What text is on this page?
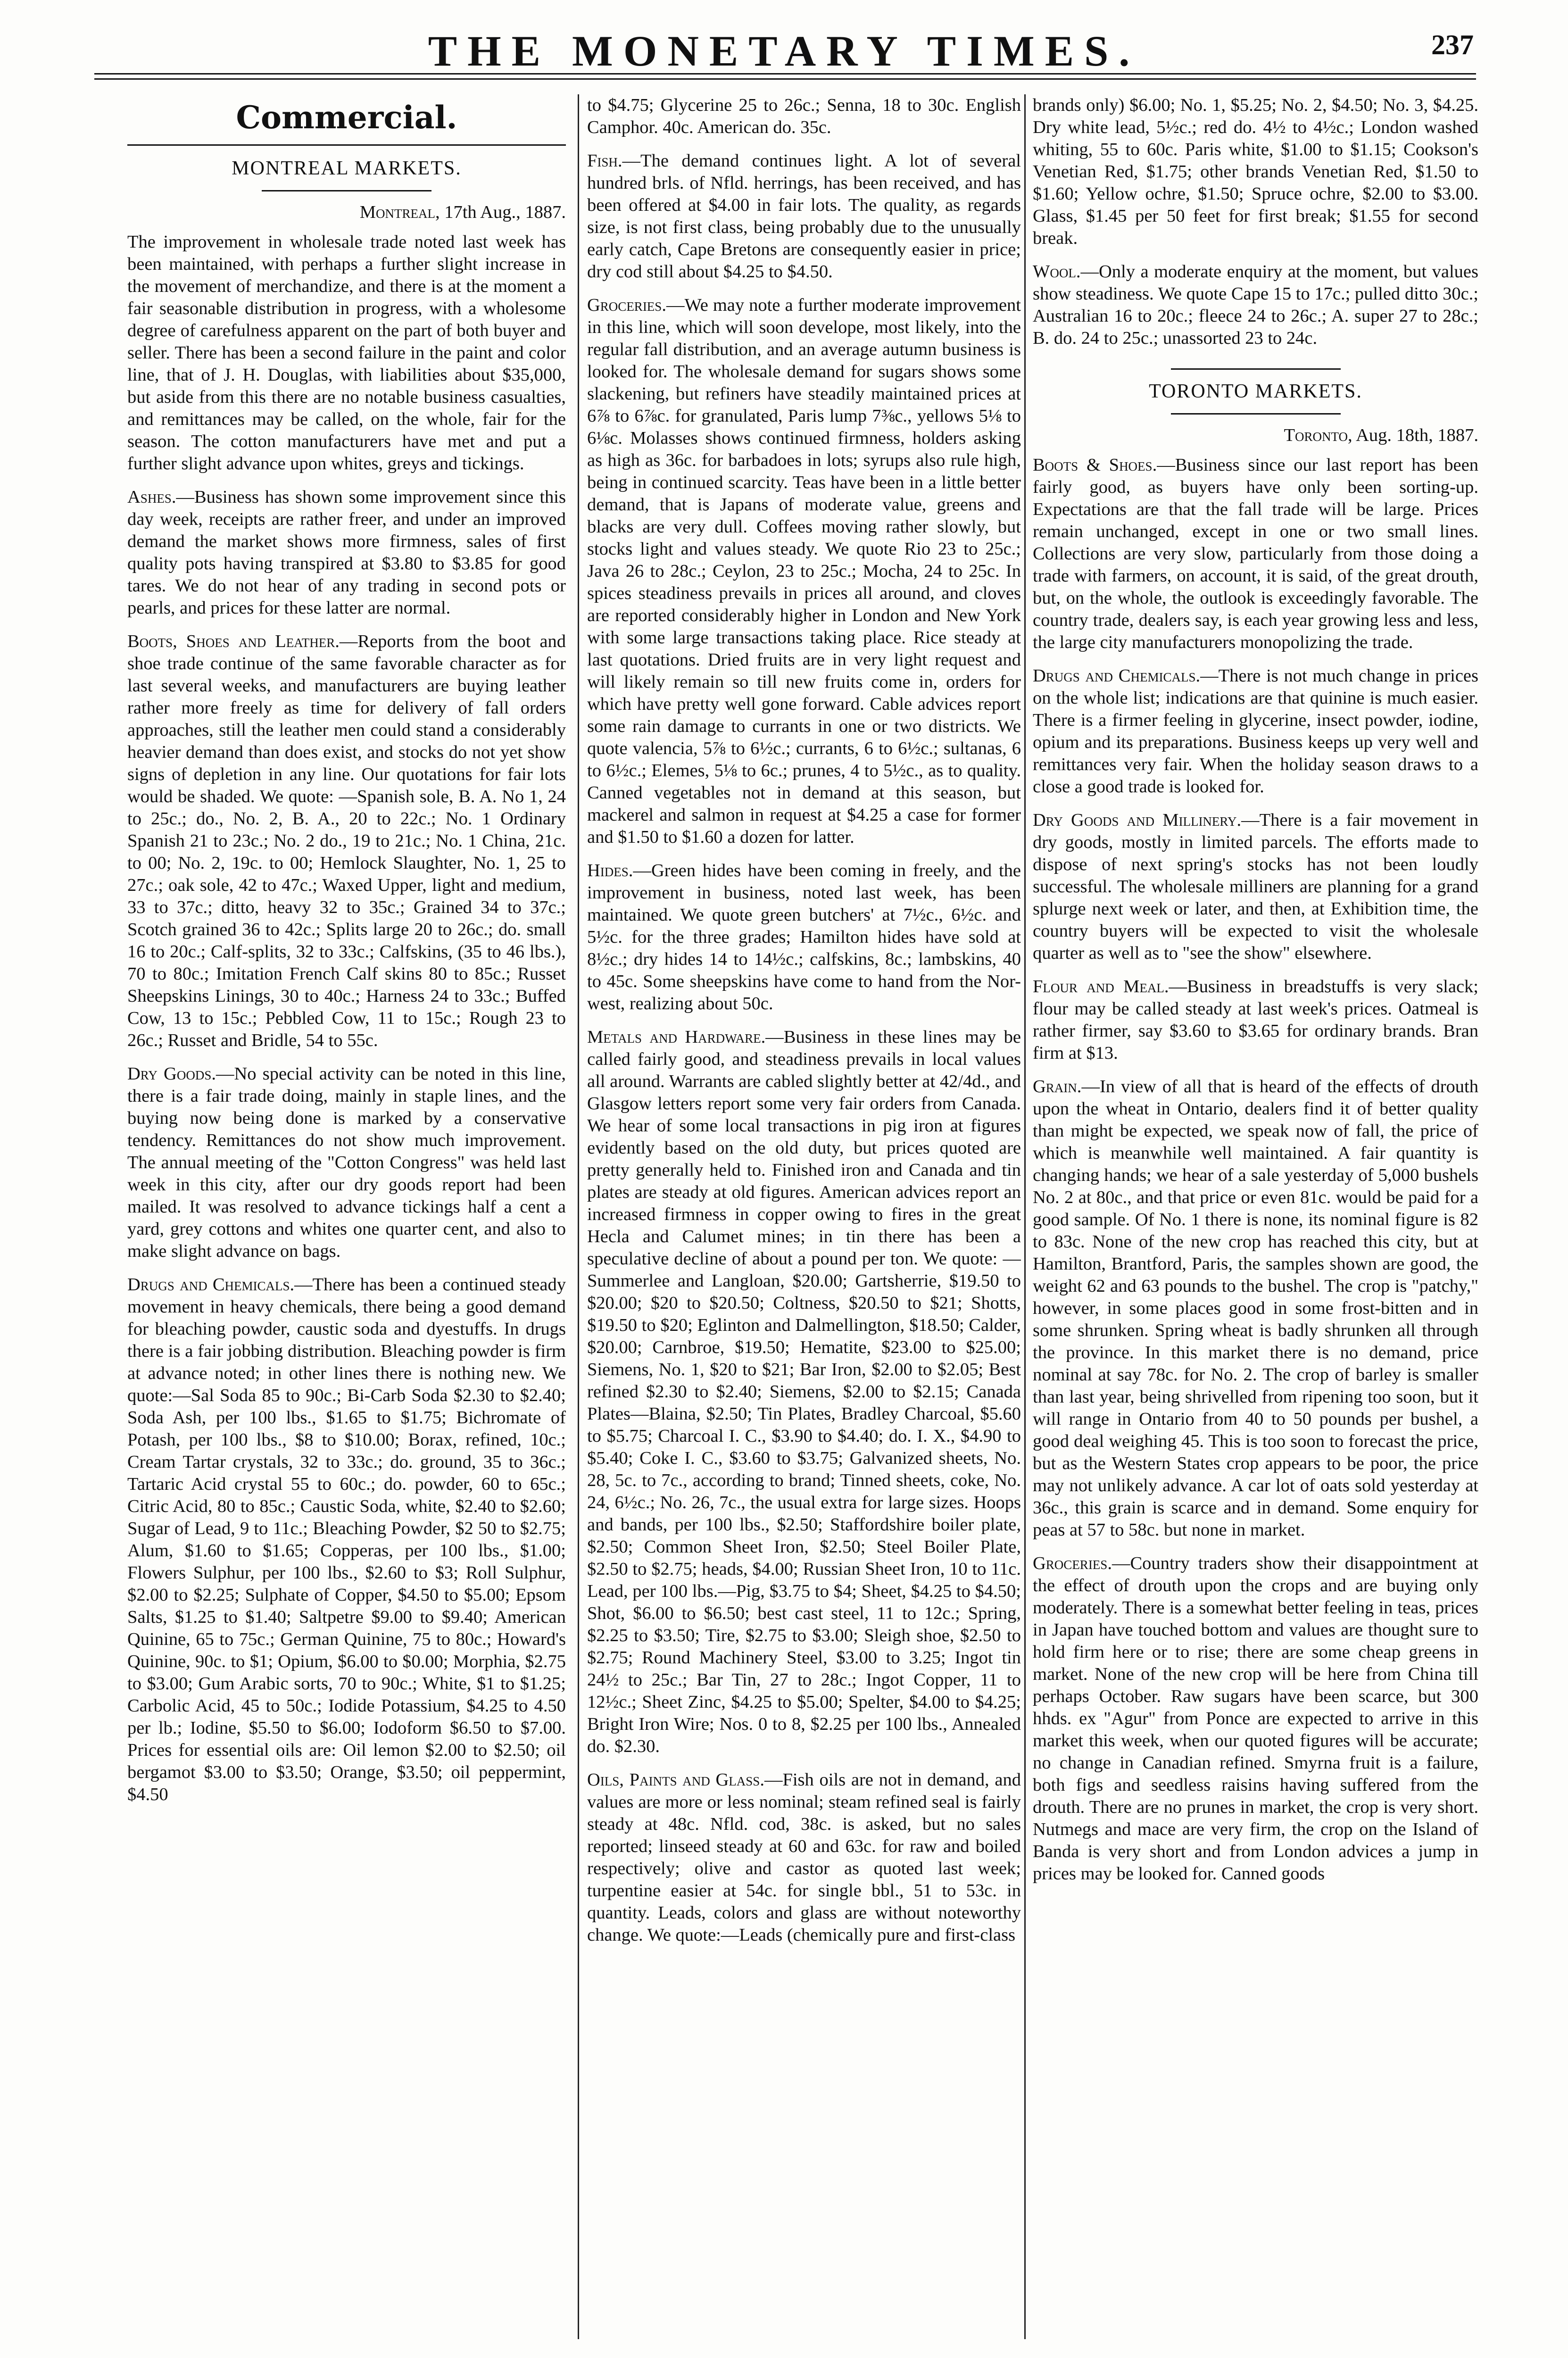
THE MONETARY TIMES.	237
Commercial.
MONTREAL MARKETS.
Montreal, 17th Aug., 1887.

The improvement in wholesale trade noted last week has been maintained, with perhaps a further slight increase in the movement of merchandize, and there is at the moment a fair seasonable distribution in progress, with a wholesome degree of carefulness apparent on the part of both buyer and seller. There has been a second failure in the paint and color line, that of J. H. Douglas, with liabilities about $35,000, but aside from this there are no notable business casualties, and remittances may be called, on the whole, fair for the season. The cotton manufacturers have met and put a further slight advance upon whites, greys and tickings.

Ashes.—Business has shown some improvement since this day week, receipts are rather freer, and under an improved demand the market shows more firmness, sales of first quality pots having transpired at $3.80 to $3.85 for good tares. We do not hear of any trading in second pots or pearls, and prices for these latter are normal.

Boots, Shoes and Leather.—Reports from the boot and shoe trade continue of the same favorable character as for last several weeks, and manufacturers are buying leather rather more freely as time for delivery of fall orders approaches, still the leather men could stand a considerably heavier demand than does exist, and stocks do not yet show signs of depletion in any line. Our quotations for fair lots would be shaded. We quote: —Spanish sole, B. A. No 1, 24 to 25c.; do., No. 2, B. A., 20 to 22c.; No. 1 Ordinary Spanish 21 to 23c.; No. 2 do., 19 to 21c.; No. 1 China, 21c. to 00; No. 2, 19c. to 00; Hemlock Slaughter, No. 1, 25 to 27c.; oak sole, 42 to 47c.; Waxed Upper, light and medium, 33 to 37c.; ditto, heavy 32 to 35c.; Grained 34 to 37c.; Scotch grained 36 to 42c.; Splits large 20 to 26c.; do. small 16 to 20c.; Calf-splits, 32 to 33c.; Calfskins, (35 to 46 lbs.), 70 to 80c.; Imitation French Calf skins 80 to 85c.; Russet Sheepskins Linings, 30 to 40c.; Harness 24 to 33c.; Buffed Cow, 13 to 15c.; Pebbled Cow, 11 to 15c.; Rough 23 to 26c.; Russet and Bridle, 54 to 55c.

Dry Goods.—No special activity can be noted in this line, there is a fair trade doing, mainly in staple lines, and the buying now being done is marked by a conservative tendency. Remittances do not show much improvement. The annual meeting of the "Cotton Congress" was held last week in this city, after our dry goods report had been mailed. It was resolved to advance tickings half a cent a yard, grey cottons and whites one quarter cent, and also to make slight advance on bags.

Drugs and Chemicals.—There has been a continued steady movement in heavy chemicals, there being a good demand for bleaching powder, caustic soda and dyestuffs. In drugs there is a fair jobbing distribution. Bleaching powder is firm at advance noted; in other lines there is nothing new. We quote:—Sal Soda 85 to 90c.; Bi-Carb Soda $2.30 to $2.40; Soda Ash, per 100 lbs., $1.65 to $1.75; Bichromate of Potash, per 100 lbs., $8 to $10.00; Borax, refined, 10c.; Cream Tartar crystals, 32 to 33c.; do. ground, 35 to 36c.; Tartaric Acid crystal 55 to 60c.; do. powder, 60 to 65c.; Citric Acid, 80 to 85c.; Caustic Soda, white, $2.40 to $2.60; Sugar of Lead, 9 to 11c.; Bleaching Powder, $2 50 to $2.75; Alum, $1.60 to $1.65; Copperas, per 100 lbs., $1.00; Flowers Sulphur, per 100 lbs., $2.60 to $3; Roll Sulphur, $2.00 to $2.25; Sulphate of Copper, $4.50 to $5.00; Epsom Salts, $1.25 to $1.40; Saltpetre $9.00 to $9.40; American Quinine, 65 to 75c.; German Quinine, 75 to 80c.; Howard's Quinine, 90c. to $1; Opium, $6.00 to $0.00; Morphia, $2.75 to $3.00; Gum Arabic sorts, 70 to 90c.; White, $1 to $1.25; Carbolic Acid, 45 to 50c.; Iodide Potassium, $4.25 to 4.50 per lb.; Iodine, $5.50 to $6.00; Iodoform $6.50 to $7.00. Prices for essential oils are: Oil lemon $2.00 to $2.50; oil bergamot $3.00 to $3.50; Orange, $3.50; oil peppermint, $4.50

to $4.75; Glycerine 25 to 26c.; Senna, 18 to 30c. English Camphor. 40c. American do. 35c.

Fish.—The demand continues light. A lot of several hundred brls. of Nfld. herrings, has been received, and has been offered at $4.00 in fair lots. The quality, as regards size, is not first class, being probably due to the unusually early catch, Cape Bretons are consequently easier in price; dry cod still about $4.25 to $4.50.

Groceries.—We may note a further moderate improvement in this line, which will soon develope, most likely, into the regular fall distribution, and an average autumn business is looked for. The wholesale demand for sugars shows some slackening, but refiners have steadily maintained prices at 6⅞ to 6⅞c. for granulated, Paris lump 7⅜c., yellows 5⅛ to 6⅛c. Molasses shows continued firmness, holders asking as high as 36c. for barbadoes in lots; syrups also rule high, being in continued scarcity. Teas have been in a little better demand, that is Japans of moderate value, greens and blacks are very dull. Coffees moving rather slowly, but stocks light and values steady. We quote Rio 23 to 25c.; Java 26 to 28c.; Ceylon, 23 to 25c.; Mocha, 24 to 25c. In spices steadiness prevails in prices all around, and cloves are reported considerably higher in London and New York with some large transactions taking place. Rice steady at last quotations. Dried fruits are in very light request and will likely remain so till new fruits come in, orders for which have pretty well gone forward. Cable advices report some rain damage to currants in one or two districts. We quote valencia, 5⅞ to 6½c.; currants, 6 to 6½c.; sultanas, 6 to 6½c.; Elemes, 5⅛ to 6c.; prunes, 4 to 5½c., as to quality. Canned vegetables not in demand at this season, but mackerel and salmon in request at $4.25 a case for former and $1.50 to $1.60 a dozen for latter.

Hides.—Green hides have been coming in freely, and the improvement in business, noted last week, has been maintained. We quote green butchers' at 7½c., 6½c. and 5½c. for the three grades; Hamilton hides have sold at 8½c.; dry hides 14 to 14½c.; calfskins, 8c.; lambskins, 40 to 45c. Some sheepskins have come to hand from the Nor-west, realizing about 50c.

Metals and Hardware.—Business in these lines may be called fairly good, and steadiness prevails in local values all around. Warrants are cabled slightly better at 42/4d., and Glasgow letters report some very fair orders from Canada. We hear of some local transactions in pig iron at figures evidently based on the old duty, but prices quoted are pretty generally held to. Finished iron and Canada and tin plates are steady at old figures. American advices report an increased firmness in copper owing to fires in the great Hecla and Calumet mines; in tin there has been a speculative decline of about a pound per ton. We quote: —Summerlee and Langloan, $20.00; Gartsherrie, $19.50 to $20.00; $20 to $20.50; Coltness, $20.50 to $21; Shotts, $19.50 to $20; Eglinton and Dalmellington, $18.50; Calder, $20.00; Carnbroe, $19.50; Hematite, $23.00 to $25.00; Siemens, No. 1, $20 to $21; Bar Iron, $2.00 to $2.05; Best refined $2.30 to $2.40; Siemens, $2.00 to $2.15; Canada Plates—Blaina, $2.50; Tin Plates, Bradley Charcoal, $5.60 to $5.75; Charcoal I. C., $3.90 to $4.40; do. I. X., $4.90 to $5.40; Coke I. C., $3.60 to $3.75; Galvanized sheets, No. 28, 5c. to 7c., according to brand; Tinned sheets, coke, No. 24, 6½c.; No. 26, 7c., the usual extra for large sizes. Hoops and bands, per 100 lbs., $2.50; Staffordshire boiler plate, $2.50; Common Sheet Iron, $2.50; Steel Boiler Plate, $2.50 to $2.75; heads, $4.00; Russian Sheet Iron, 10 to 11c. Lead, per 100 lbs.—Pig, $3.75 to $4; Sheet, $4.25 to $4.50; Shot, $6.00 to $6.50; best cast steel, 11 to 12c.; Spring, $2.25 to $3.50; Tire, $2.75 to $3.00; Sleigh shoe, $2.50 to $2.75; Round Machinery Steel, $3.00 to 3.25; Ingot tin 24½ to 25c.; Bar Tin, 27 to 28c.; Ingot Copper, 11 to 12½c.; Sheet Zinc, $4.25 to $5.00; Spelter, $4.00 to $4.25; Bright Iron Wire; Nos. 0 to 8, $2.25 per 100 lbs., Annealed do. $2.30.

Oils, Paints and Glass.—Fish oils are not in demand, and values are more or less nominal; steam refined seal is fairly steady at 48c. Nfld. cod, 38c. is asked, but no sales reported; linseed steady at 60 and 63c. for raw and boiled respectively; olive and castor as quoted last week; turpentine easier at 54c. for single bbl., 51 to 53c. in quantity. Leads, colors and glass are without noteworthy change. We quote:—Leads (chemically pure and first-class

brands only) $6.00; No. 1, $5.25; No. 2, $4.50; No. 3, $4.25. Dry white lead, 5½c.; red do. 4½ to 4½c.; London washed whiting, 55 to 60c. Paris white, $1.00 to $1.15; Cookson's Venetian Red, $1.75; other brands Venetian Red, $1.50 to $1.60; Yellow ochre, $1.50; Spruce ochre, $2.00 to $3.00. Glass, $1.45 per 50 feet for first break; $1.55 for second break.

Wool.—Only a moderate enquiry at the moment, but values show steadiness. We quote Cape 15 to 17c.; pulled ditto 30c.; Australian 16 to 20c.; fleece 24 to 26c.; A. super 27 to 28c.; B. do. 24 to 25c.; unassorted 23 to 24c.

TORONTO MARKETS.
Toronto, Aug. 18th, 1887.

Boots & Shoes.—Business since our last report has been fairly good, as buyers have only been sorting-up. Expectations are that the fall trade will be large. Prices remain unchanged, except in one or two small lines. Collections are very slow, particularly from those doing a trade with farmers, on account, it is said, of the great drouth, but, on the whole, the outlook is exceedingly favorable. The country trade, dealers say, is each year growing less and less, the large city manufacturers monopolizing the trade.

Drugs and Chemicals.—There is not much change in prices on the whole list; indications are that quinine is much easier. There is a firmer feeling in glycerine, insect powder, iodine, opium and its preparations. Business keeps up very well and remittances very fair. When the holiday season draws to a close a good trade is looked for.

Dry Goods and Millinery.—There is a fair movement in dry goods, mostly in limited parcels. The efforts made to dispose of next spring's stocks has not been loudly successful. The wholesale milliners are planning for a grand splurge next week or later, and then, at Exhibition time, the country buyers will be expected to visit the wholesale quarter as well as to "see the show" elsewhere.

Flour and Meal.—Business in breadstuffs is very slack; flour may be called steady at last week's prices. Oatmeal is rather firmer, say $3.60 to $3.65 for ordinary brands. Bran firm at $13.

Grain.—In view of all that is heard of the effects of drouth upon the wheat in Ontario, dealers find it of better quality than might be expected, we speak now of fall, the price of which is meanwhile well maintained. A fair quantity is changing hands; we hear of a sale yesterday of 5,000 bushels No. 2 at 80c., and that price or even 81c. would be paid for a good sample. Of No. 1 there is none, its nominal figure is 82 to 83c. None of the new crop has reached this city, but at Hamilton, Brantford, Paris, the samples shown are good, the weight 62 and 63 pounds to the bushel. The crop is "patchy," however, in some places good in some frost-bitten and in some shrunken. Spring wheat is badly shrunken all through the province. In this market there is no demand, price nominal at say 78c. for No. 2. The crop of barley is smaller than last year, being shrivelled from ripening too soon, but it will range in Ontario from 40 to 50 pounds per bushel, a good deal weighing 45. This is too soon to forecast the price, but as the Western States crop appears to be poor, the price may not unlikely advance. A car lot of oats sold yesterday at 36c., this grain is scarce and in demand. Some enquiry for peas at 57 to 58c. but none in market.

Groceries.—Country traders show their disappointment at the effect of drouth upon the crops and are buying only moderately. There is a somewhat better feeling in teas, prices in Japan have touched bottom and values are thought sure to hold firm here or to rise; there are some cheap greens in market. None of the new crop will be here from China till perhaps October. Raw sugars have been scarce, but 300 hhds. ex "Agur" from Ponce are expected to arrive in this market this week, when our quoted figures will be accurate; no change in Canadian refined. Smyrna fruit is a failure, both figs and seedless raisins having suffered from the drouth. There are no prunes in market, the crop is very short. Nutmegs and mace are very firm, the crop on the Island of Banda is very short and from London advices a jump in prices may be looked for. Canned goods
